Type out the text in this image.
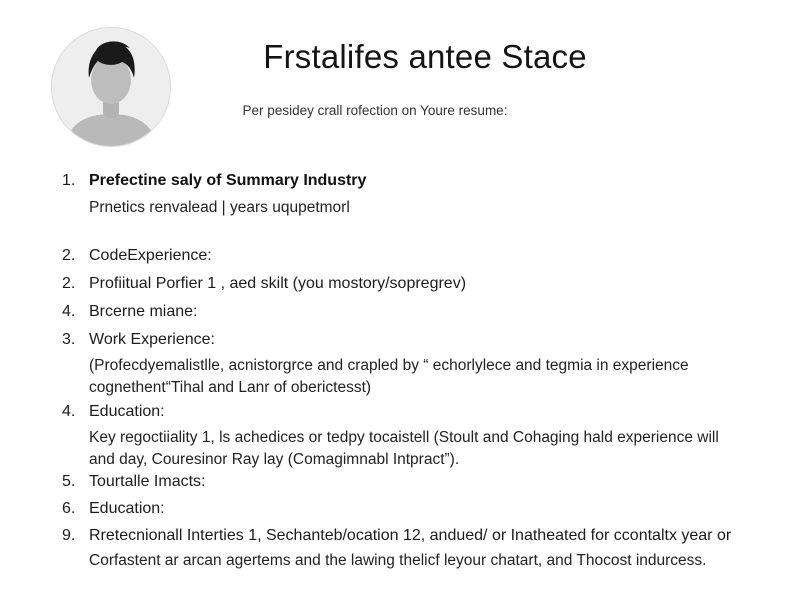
Frstalifes antee Stace
Per pesidey crall rofection on Youre resume:
1. Prefectine saly of Summary Industry
Prnetics renvalead | years uqupetmorl
2. CodeExperience:
2. Profiitual Porfier 1 , aed skilt (you mostory/sopregrev)
4. Brcerne miane:
3. Work Experience:
(Profecdyemalistlle, acnistorgrce and crapled by “ echorlylece and tegmia in experience
cognethent“Tihal and Lanr of oberictesst)
4. Education:
Key regoctiiality 1, ls achedices or tedpy tocaistell (Stoult and Cohaging hald experience will
and day, Couresinor Ray lay (Comagimnabl Intpract”).
5. Tourtalle Imacts:
6. Education:
9. Rretecnionall Interties 1, Sechanteb/ocation 12, andued/ or Inatheated for ccontaltx year or
Corfastent ar arcan agertems and the lawing thelicf leyour chatart, and Thocost indurcess.
